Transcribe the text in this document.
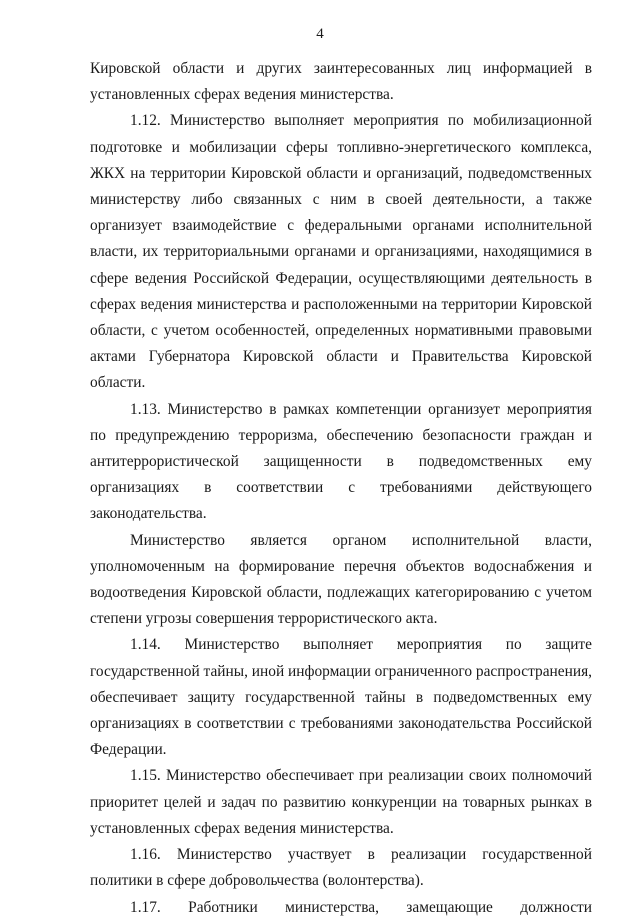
4

Кировской области и других заинтересованных лиц информацией в установленных сферах ведения министерства.

1.12. Министерство выполняет мероприятия по мобилизационной подготовке и мобилизации сферы топливно-энергетического комплекса, ЖКХ на территории Кировской области и организаций, подведомственных министерству либо связанных с ним в своей деятельности, а также организует взаимодействие с федеральными органами исполнительной власти, их территориальными органами и организациями, находящимися в сфере ведения Российской Федерации, осуществляющими деятельность в сферах ведения министерства и расположенными на территории Кировской области, с учетом особенностей, определенных нормативными правовыми актами Губернатора Кировской области и Правительства Кировской области.

1.13. Министерство в рамках компетенции организует мероприятия по предупреждению терроризма, обеспечению безопасности граждан и антитеррористической защищенности в подведомственных ему организациях в соответствии с требованиями действующего законодательства.

Министерство является органом исполнительной власти, уполномоченным на формирование перечня объектов водоснабжения и водоотведения Кировской области, подлежащих категорированию с учетом степени угрозы совершения террористического акта.

1.14. Министерство выполняет мероприятия по защите государственной тайны, иной информации ограниченного распространения, обеспечивает защиту государственной тайны в подведомственных ему организациях в соответствии с требованиями законодательства Российской Федерации.

1.15. Министерство обеспечивает при реализации своих полномочий приоритет целей и задач по развитию конкуренции на товарных рынках в установленных сферах ведения министерства.

1.16. Министерство участвует в реализации государственной политики в сфере добровольчества (волонтерства).

1.17. Работники министерства, замещающие должности
